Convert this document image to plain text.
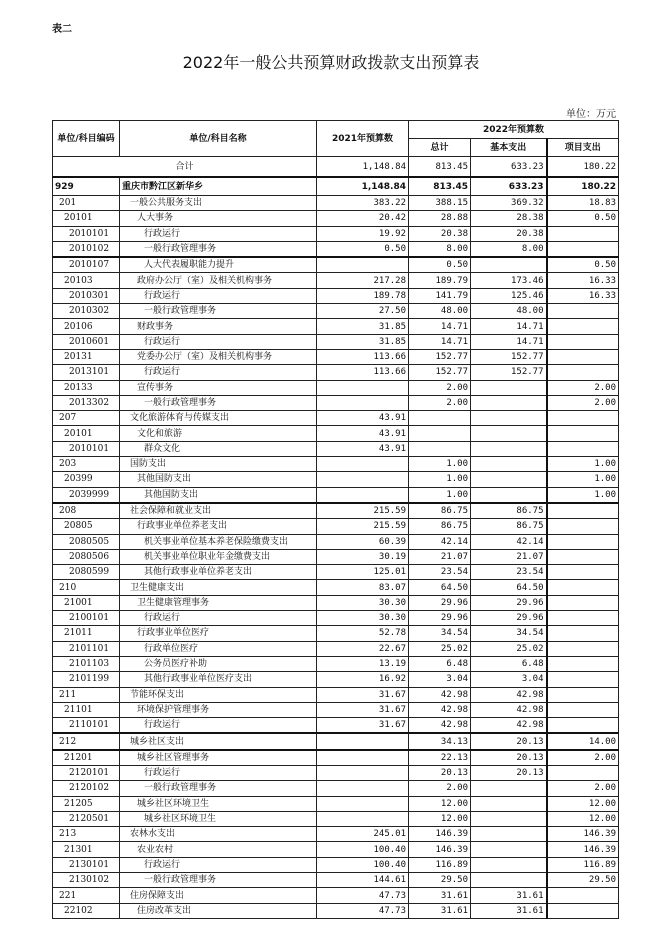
表二
2022年一般公共预算财政拨款支出预算表
单位：万元
单位/科目编码	单位/科目名称	2021年预算数	2022年预算数		
			总计	基本支出	项目支出
合计		1,148.84	813.45	633.23	180.22
929	重庆市黔江区新华乡	1,148.84	813.45	633.23	180.22
201	一般公共服务支出	383.22	388.15	369.32	18.83
20101	人大事务	20.42	28.88	28.38	0.50
2010101	行政运行	19.92	20.38	20.38	
2010102	一般行政管理事务	0.50	8.00	8.00	
2010107	人大代表履职能力提升		0.50		0.50
20103	政府办公厅（室）及相关机构事务	217.28	189.79	173.46	16.33
2010301	行政运行	189.78	141.79	125.46	16.33
2010302	一般行政管理事务	27.50	48.00	48.00	
20106	财政事务	31.85	14.71	14.71	
2010601	行政运行	31.85	14.71	14.71	
20131	党委办公厅（室）及相关机构事务	113.66	152.77	152.77	
2013101	行政运行	113.66	152.77	152.77	
20133	宣传事务		2.00		2.00
2013302	一般行政管理事务		2.00		2.00
207	文化旅游体育与传媒支出	43.91			
20101	文化和旅游	43.91			
2010101	群众文化	43.91			
203	国防支出		1.00		1.00
20399	其他国防支出		1.00		1.00
2039999	其他国防支出		1.00		1.00
208	社会保障和就业支出	215.59	86.75	86.75	
20805	行政事业单位养老支出	215.59	86.75	86.75	
2080505	机关事业单位基本养老保险缴费支出	60.39	42.14	42.14	
2080506	机关事业单位职业年金缴费支出	30.19	21.07	21.07	
2080599	其他行政事业单位养老支出	125.01	23.54	23.54	
210	卫生健康支出	83.07	64.50	64.50	
21001	卫生健康管理事务	30.30	29.96	29.96	
2100101	行政运行	30.30	29.96	29.96	
21011	行政事业单位医疗	52.78	34.54	34.54	
2101101	行政单位医疗	22.67	25.02	25.02	
2101103	公务员医疗补助	13.19	6.48	6.48	
2101199	其他行政事业单位医疗支出	16.92	3.04	3.04	
211	节能环保支出	31.67	42.98	42.98	
21101	环境保护管理事务	31.67	42.98	42.98	
2110101	行政运行	31.67	42.98	42.98	
212	城乡社区支出		34.13	20.13	14.00
21201	城乡社区管理事务		22.13	20.13	2.00
2120101	行政运行		20.13	20.13	
2120102	一般行政管理事务		2.00		2.00
21205	城乡社区环境卫生		12.00		12.00
2120501	城乡社区环境卫生		12.00		12.00
213	农林水支出	245.01	146.39		146.39
21301	农业农村	100.40	146.39		146.39
2130101	行政运行	100.40	116.89		116.89
2130102	一般行政管理事务	144.61	29.50		29.50
221	住房保障支出	47.73	31.61	31.61	
22102	住房改革支出	47.73	31.61	31.61	
